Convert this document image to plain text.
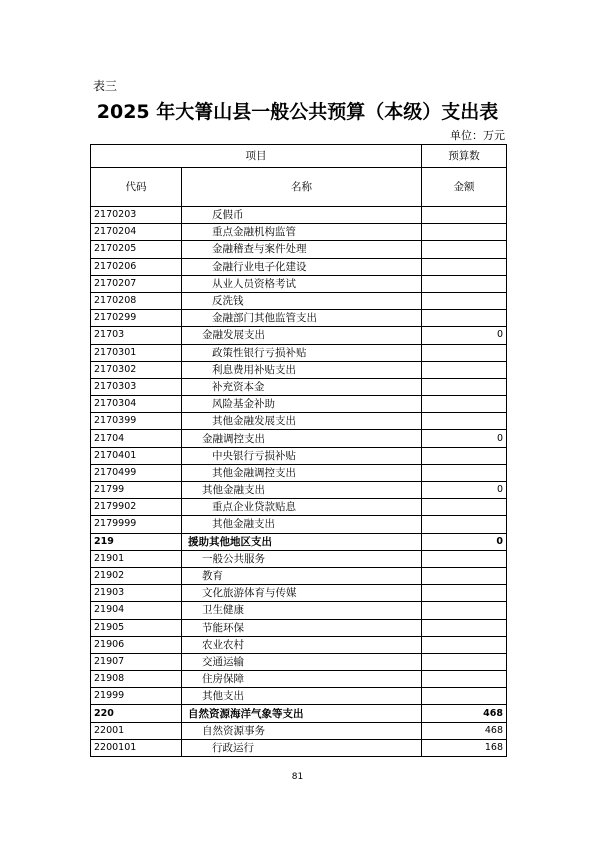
表三
2025 年大箐山县一般公共预算（本级）支出表
单位：万元
项目		预算数
代码	名称	金额
2170203	反假币	
2170204	重点金融机构监管	
2170205	金融稽查与案件处理	
2170206	金融行业电子化建设	
2170207	从业人员资格考试	
2170208	反洗钱	
2170299	金融部门其他监管支出	
21703	金融发展支出	0
2170301	政策性银行亏损补贴	
2170302	利息费用补贴支出	
2170303	补充资本金	
2170304	风险基金补助	
2170399	其他金融发展支出	
21704	金融调控支出	0
2170401	中央银行亏损补贴	
2170499	其他金融调控支出	
21799	其他金融支出	0
2179902	重点企业贷款贴息	
2179999	其他金融支出	
219	援助其他地区支出	0
21901	一般公共服务	
21902	教育	
21903	文化旅游体育与传媒	
21904	卫生健康	
21905	节能环保	
21906	农业农村	
21907	交通运输	
21908	住房保障	
21999	其他支出	
220	自然资源海洋气象等支出	468
22001	自然资源事务	468
2200101	行政运行	168
81
